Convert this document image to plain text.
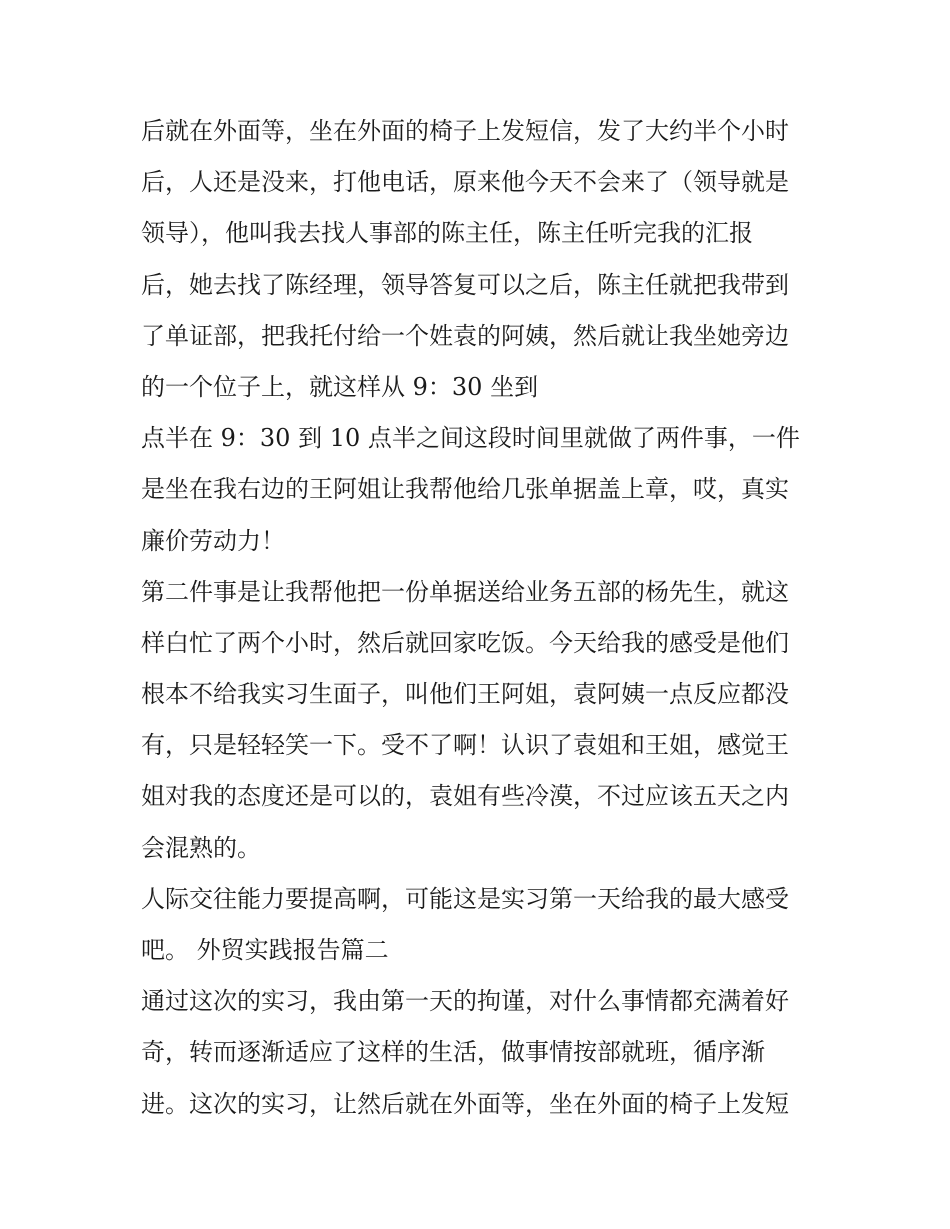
后就在外面等，坐在外面的椅子上发短信，发了大约半个小时
后，人还是没来，打他电话，原来他今天不会来了（领导就是
领导），他叫我去找人事部的陈主任，陈主任听完我的汇报
后，她去找了陈经理，领导答复可以之后，陈主任就把我带到
了单证部，把我托付给一个姓袁的阿姨，然后就让我坐她旁边
的一个位子上，就这样从 9：30 坐到
点半在 9：30 到 10 点半之间这段时间里就做了两件事，一件
是坐在我右边的王阿姐让我帮他给几张单据盖上章，哎，真实
廉价劳动力！
第二件事是让我帮他把一份单据送给业务五部的杨先生，就这
样白忙了两个小时，然后就回家吃饭。今天给我的感受是他们
根本不给我实习生面子，叫他们王阿姐，袁阿姨一点反应都没
有，只是轻轻笑一下。受不了啊！认识了袁姐和王姐，感觉王
姐对我的态度还是可以的，袁姐有些冷漠，不过应该五天之内
会混熟的。
人际交往能力要提高啊，可能这是实习第一天给我的最大感受
吧。 外贸实践报告篇二
通过这次的实习，我由第一天的拘谨，对什么事情都充满着好
奇，转而逐渐适应了这样的生活，做事情按部就班，循序渐
进。这次的实习，让然后就在外面等，坐在外面的椅子上发短
